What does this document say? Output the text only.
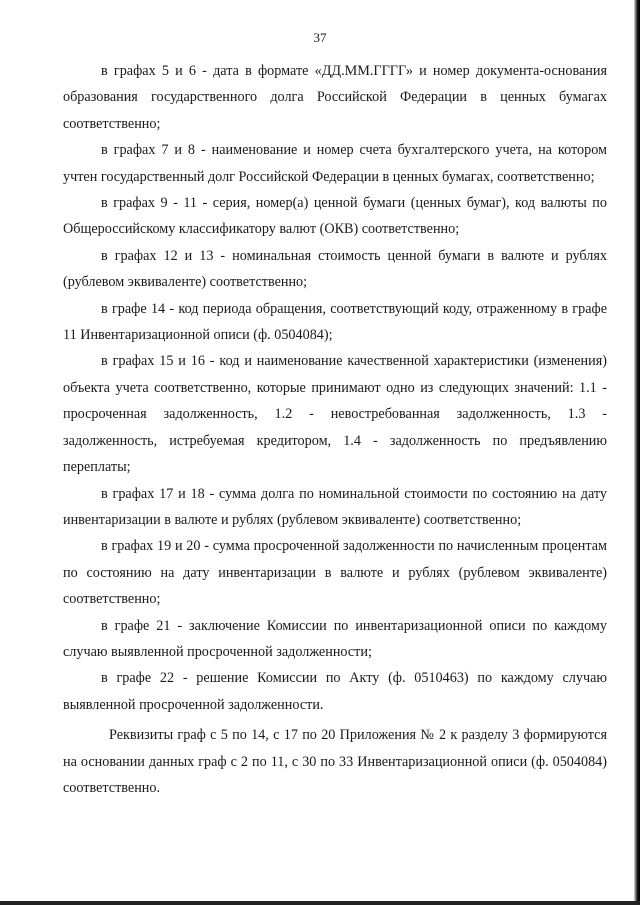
37

в графах 5 и 6 - дата в формате «ДД.ММ.ГГГГ» и номер документа-основания образования государственного долга Российской Федерации в ценных бумагах соответственно;

в графах 7 и 8 - наименование и номер счета бухгалтерского учета, на котором учтен государственный долг Российской Федерации в ценных бумагах, соответственно;

в графах 9 - 11 - серия, номер(а) ценной бумаги (ценных бумаг), код валюты по Общероссийскому классификатору валют (ОКВ) соответственно;

в графах 12 и 13 - номинальная стоимость ценной бумаги в валюте и рублях (рублевом эквиваленте) соответственно;

в графе 14 - код периода обращения, соответствующий коду, отраженному в графе 11 Инвентаризационной описи (ф. 0504084);

в графах 15 и 16 - код и наименование качественной характеристики (изменения) объекта учета соответственно, которые принимают одно из следующих значений: 1.1 - просроченная задолженность, 1.2 - невостребованная задолженность, 1.3 - задолженность, истребуемая кредитором, 1.4 - задолженность по предъявлению переплаты;

в графах 17 и 18 - сумма долга по номинальной стоимости по состоянию на дату инвентаризации в валюте и рублях (рублевом эквиваленте) соответственно;

в графах 19 и 20 - сумма просроченной задолженности по начисленным процентам по состоянию на дату инвентаризации в валюте и рублях (рублевом эквиваленте) соответственно;

в графе 21 - заключение Комиссии по инвентаризационной описи по каждому случаю выявленной просроченной задолженности;

в графе 22 - решение Комиссии по Акту (ф. 0510463) по каждому случаю выявленной просроченной задолженности.

Реквизиты граф с 5 по 14, с 17 по 20 Приложения № 2 к разделу 3 формируются на основании данных граф с 2 по 11, с 30 по 33 Инвентаризационной описи (ф. 0504084) соответственно.
